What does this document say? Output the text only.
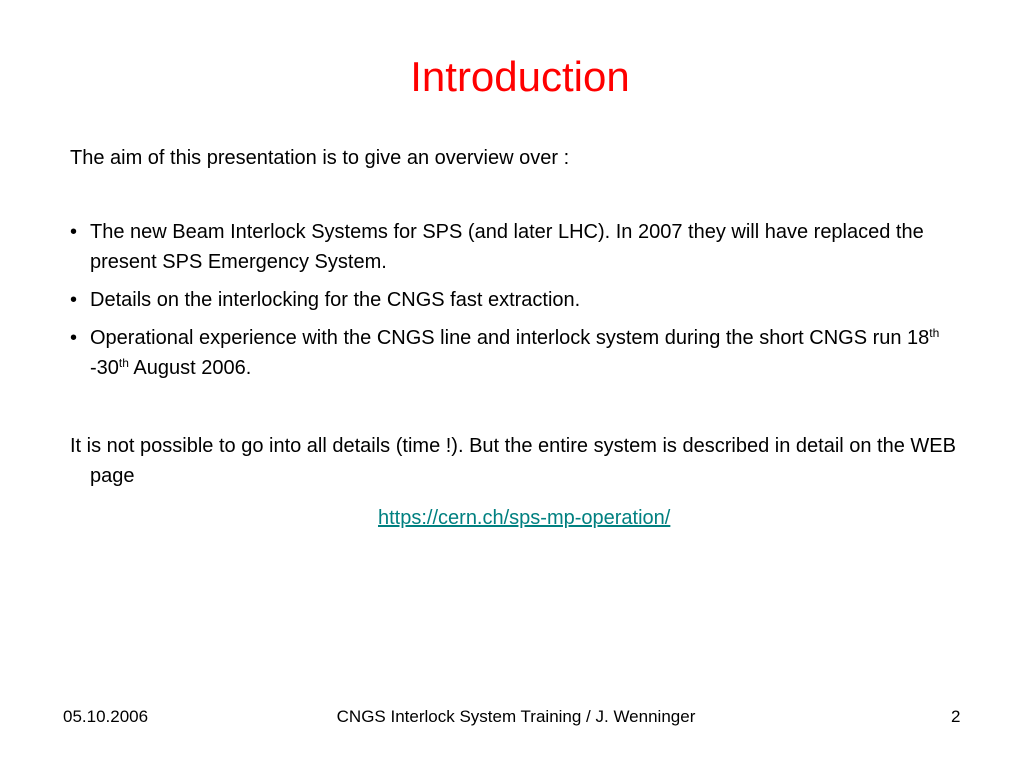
Introduction
The aim of this presentation is to give an overview over :
• The new Beam Interlock Systems for SPS (and later LHC). In 2007 they will have replaced the present SPS Emergency System.
• Details on the interlocking for the CNGS fast extraction.
• Operational experience with the CNGS line and interlock system during the short CNGS run 18th -30th August 2006.
It is not possible to go into all details (time !). But the entire system is described in detail on the WEB page
https://cern.ch/sps-mp-operation/
05.10.2006	CNGS Interlock System Training / J. Wenninger	2
